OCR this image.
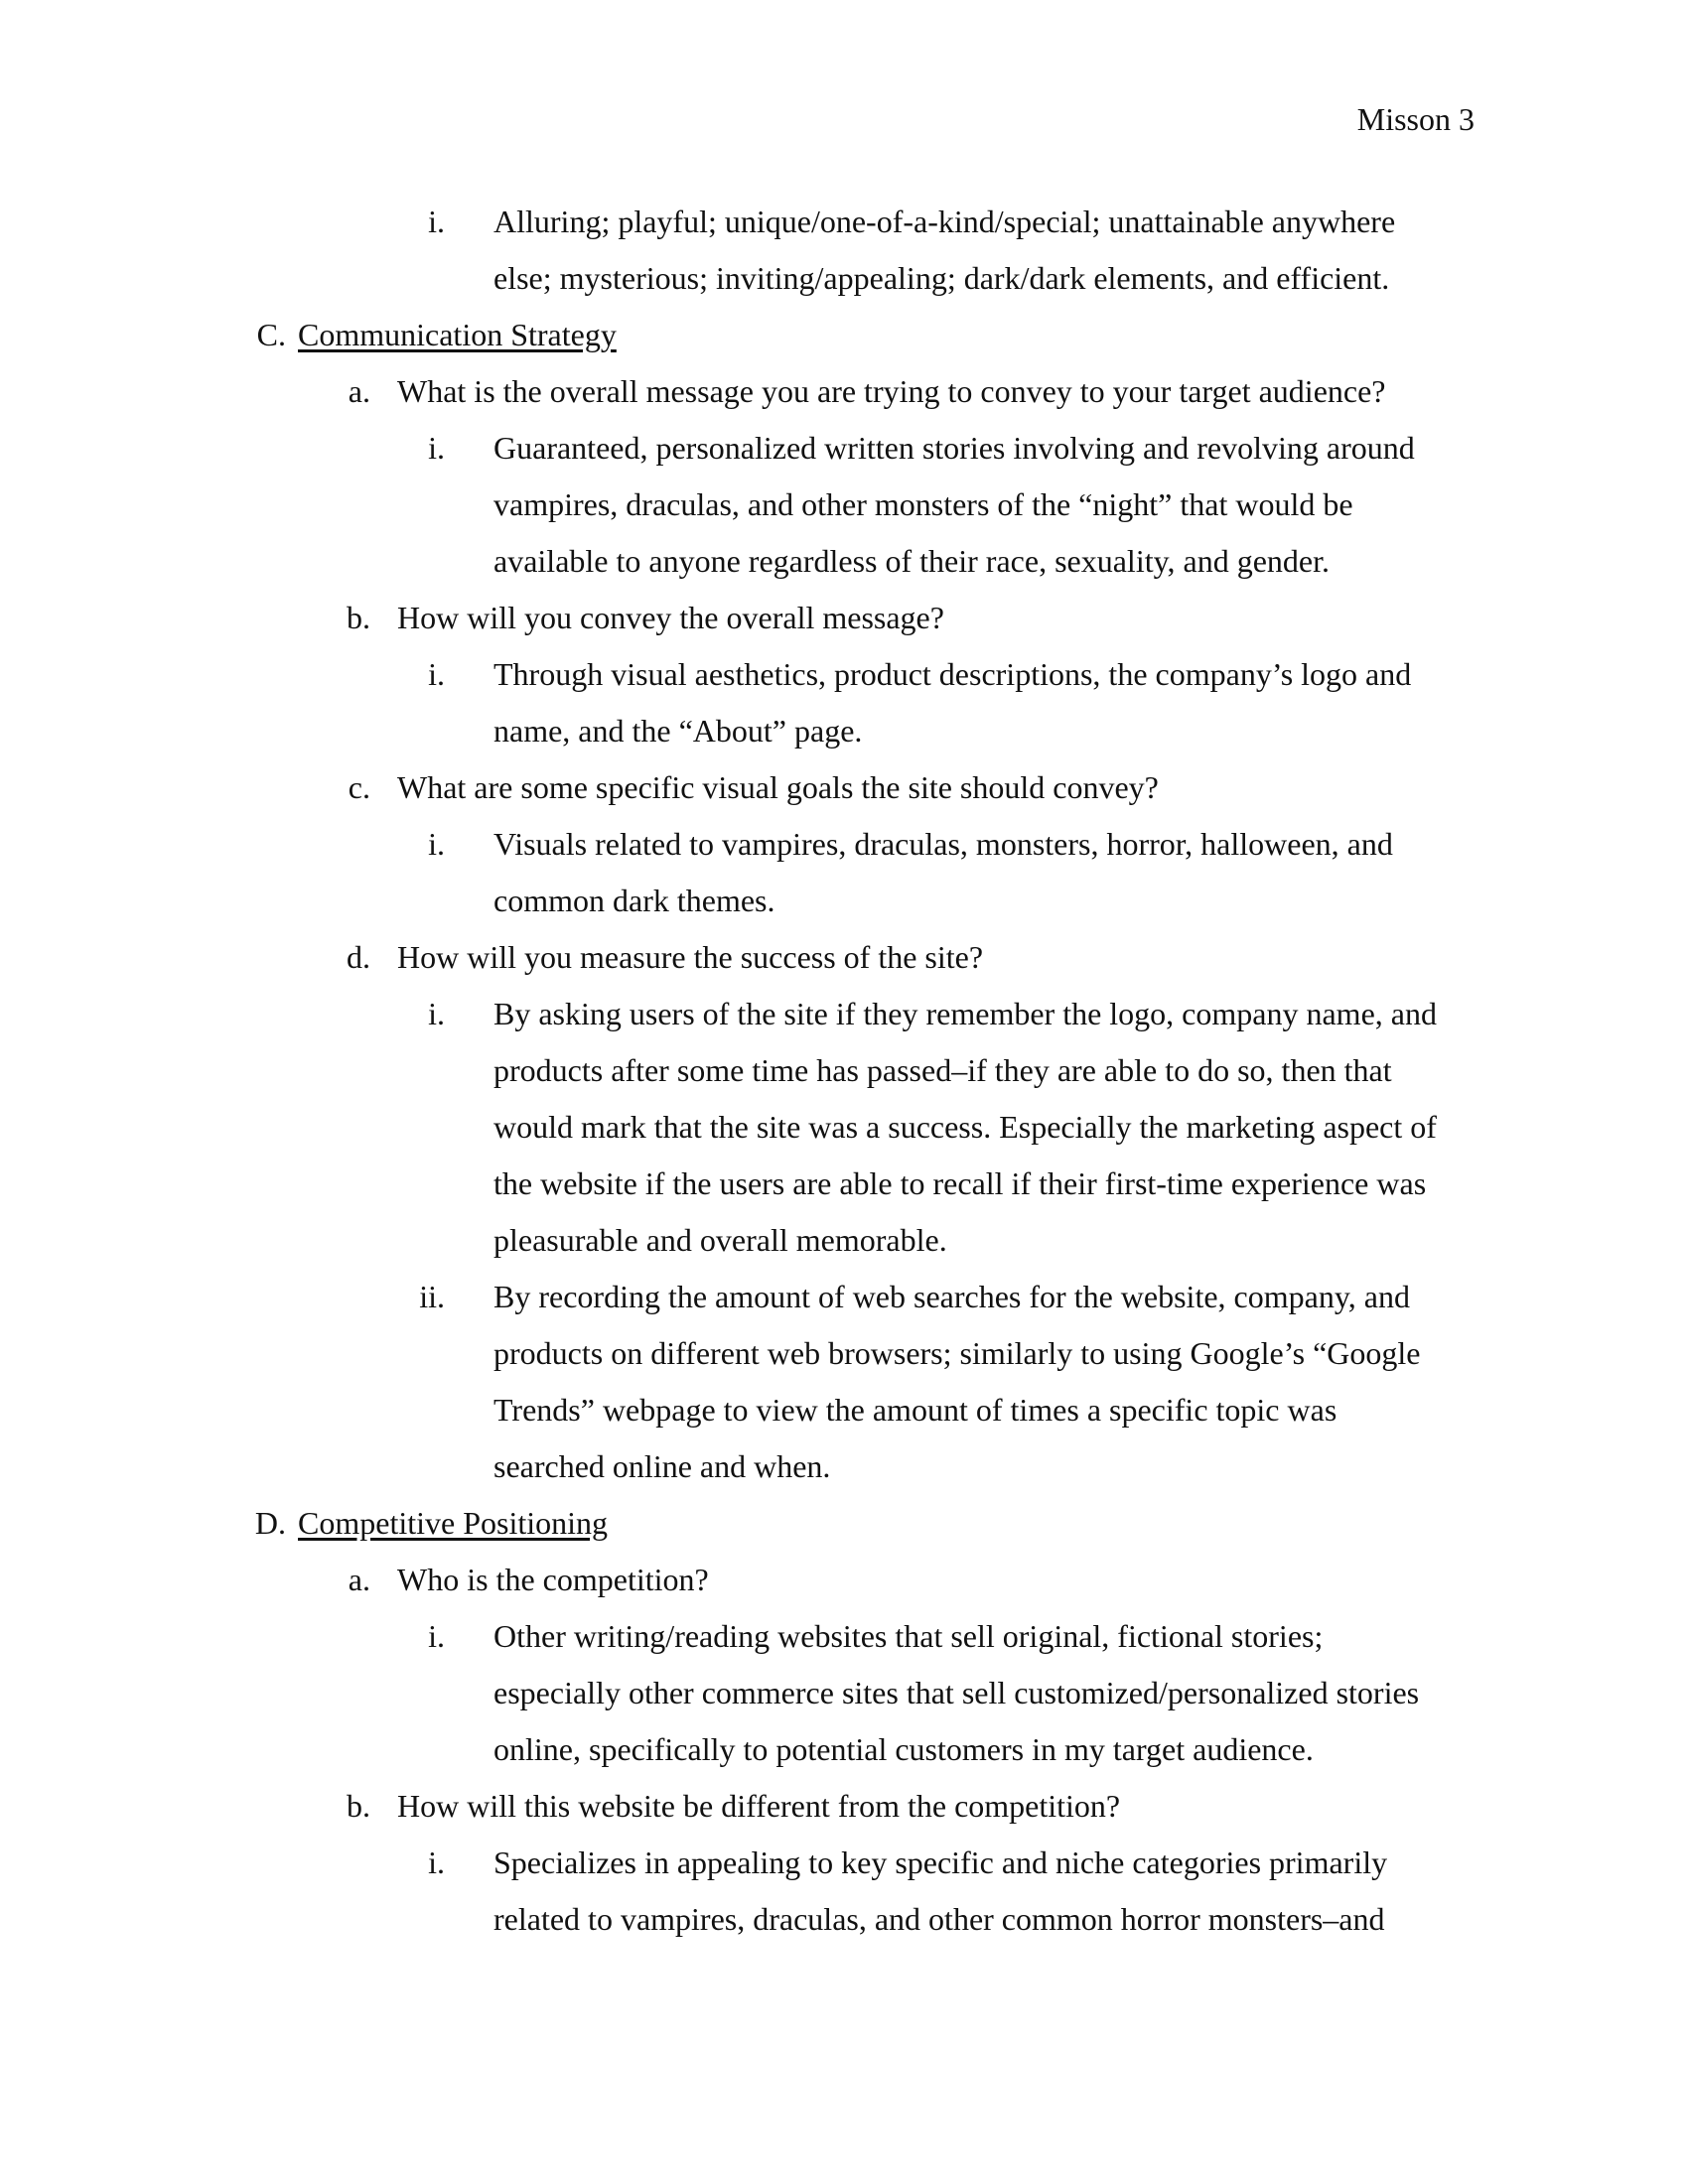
Misson 3
i. Alluring; playful; unique/one-of-a-kind/special; unattainable anywhere
else; mysterious; inviting/appealing; dark/dark elements, and efficient.
C. Communication Strategy
a. What is the overall message you are trying to convey to your target audience?
i. Guaranteed, personalized written stories involving and revolving around
vampires, draculas, and other monsters of the “night” that would be
available to anyone regardless of their race, sexuality, and gender.
b. How will you convey the overall message?
i. Through visual aesthetics, product descriptions, the company’s logo and
name, and the “About” page.
c. What are some specific visual goals the site should convey?
i. Visuals related to vampires, draculas, monsters, horror, halloween, and
common dark themes.
d. How will you measure the success of the site?
i. By asking users of the site if they remember the logo, company name, and
products after some time has passed–if they are able to do so, then that
would mark that the site was a success. Especially the marketing aspect of
the website if the users are able to recall if their first-time experience was
pleasurable and overall memorable.
ii. By recording the amount of web searches for the website, company, and
products on different web browsers; similarly to using Google’s “Google
Trends” webpage to view the amount of times a specific topic was
searched online and when.
D. Competitive Positioning
a. Who is the competition?
i. Other writing/reading websites that sell original, fictional stories;
especially other commerce sites that sell customized/personalized stories
online, specifically to potential customers in my target audience.
b. How will this website be different from the competition?
i. Specializes in appealing to key specific and niche categories primarily
related to vampires, draculas, and other common horror monsters–and
